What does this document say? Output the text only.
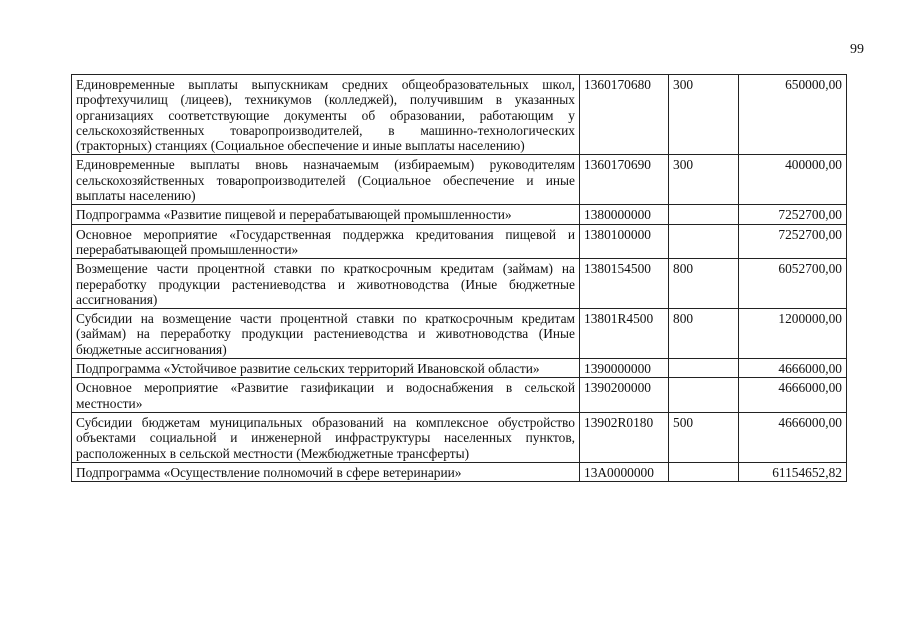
99
Единовременные выплаты выпускникам средних общеобразовательных школ, профтехучилищ (лицеев), техникумов (колледжей), получившим в указанных организациях соответствующие документы об образовании, работающим у сельскохозяйственных товаропроизводителей, в машинно-технологических (тракторных) станциях (Социальное обеспечение и иные выплаты населению)	1360170680	300	650000,00
Единовременные выплаты вновь назначаемым (избираемым) руководителям сельскохозяйственных товаропроизводителей (Социальное обеспечение и иные выплаты населению)	1360170690	300	400000,00
Подпрограмма «Развитие пищевой и перерабатывающей промышленности»	1380000000		7252700,00
Основное мероприятие «Государственная поддержка кредитования пищевой и перерабатывающей промышленности»	1380100000		7252700,00
Возмещение части процентной ставки по краткосрочным кредитам (займам) на переработку продукции растениеводства и животноводства (Иные бюджетные ассигнования)	1380154500	800	6052700,00
Субсидии на возмещение части процентной ставки по краткосрочным кредитам (займам) на переработку продукции растениеводства и животноводства (Иные бюджетные ассигнования)	13801R4500	800	1200000,00
Подпрограмма «Устойчивое развитие сельских территорий Ивановской области»	1390000000		4666000,00
Основное мероприятие «Развитие газификации и водоснабжения в сельской местности»	1390200000		4666000,00
Субсидии бюджетам муниципальных образований на комплексное обустройство объектами социальной и инженерной инфраструктуры населенных пунктов, расположенных в сельской местности (Межбюджетные трансферты)	13902R0180	500	4666000,00
Подпрограмма «Осуществление полномочий в сфере ветеринарии»	13А0000000		61154652,82
